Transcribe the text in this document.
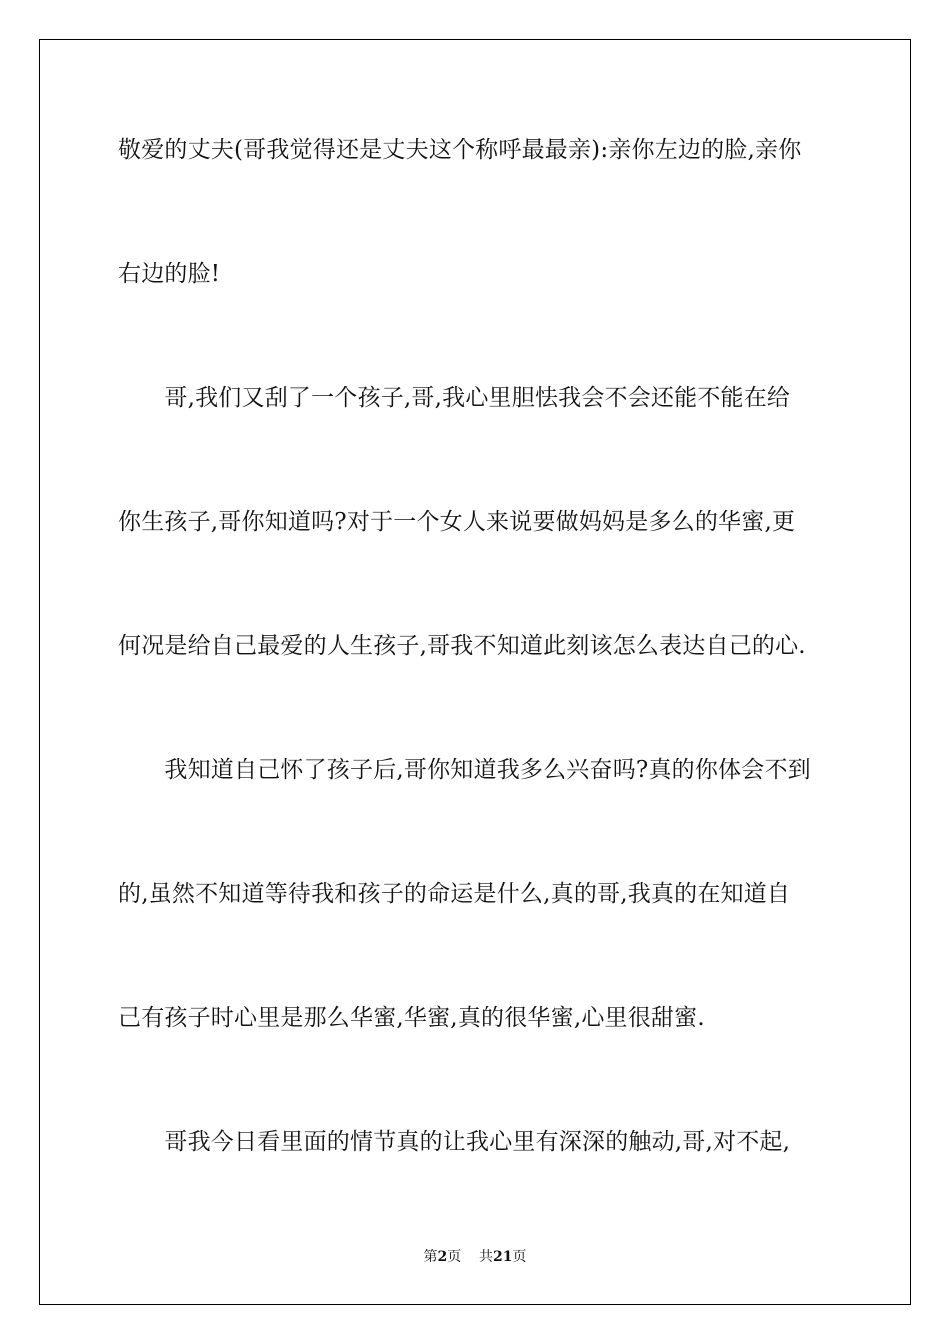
敬爱的丈夫(哥我觉得还是丈夫这个称呼最最亲):亲你左边的脸,亲你

右边的脸!

　　哥,我们又刮了一个孩子,哥,我心里胆怯我会不会还能不能在给

你生孩子,哥你知道吗?对于一个女人来说要做妈妈是多么的华蜜,更

何况是给自己最爱的人生孩子,哥我不知道此刻该怎么表达自己的心.

　　我知道自己怀了孩子后,哥你知道我多么兴奋吗?真的你体会不到

的,虽然不知道等待我和孩子的命运是什么,真的哥,我真的在知道自

己有孩子时心里是那么华蜜,华蜜,真的很华蜜,心里很甜蜜.

　　哥我今日看里面的情节真的让我心里有深深的触动,哥,对不起,

第2页 共21页
